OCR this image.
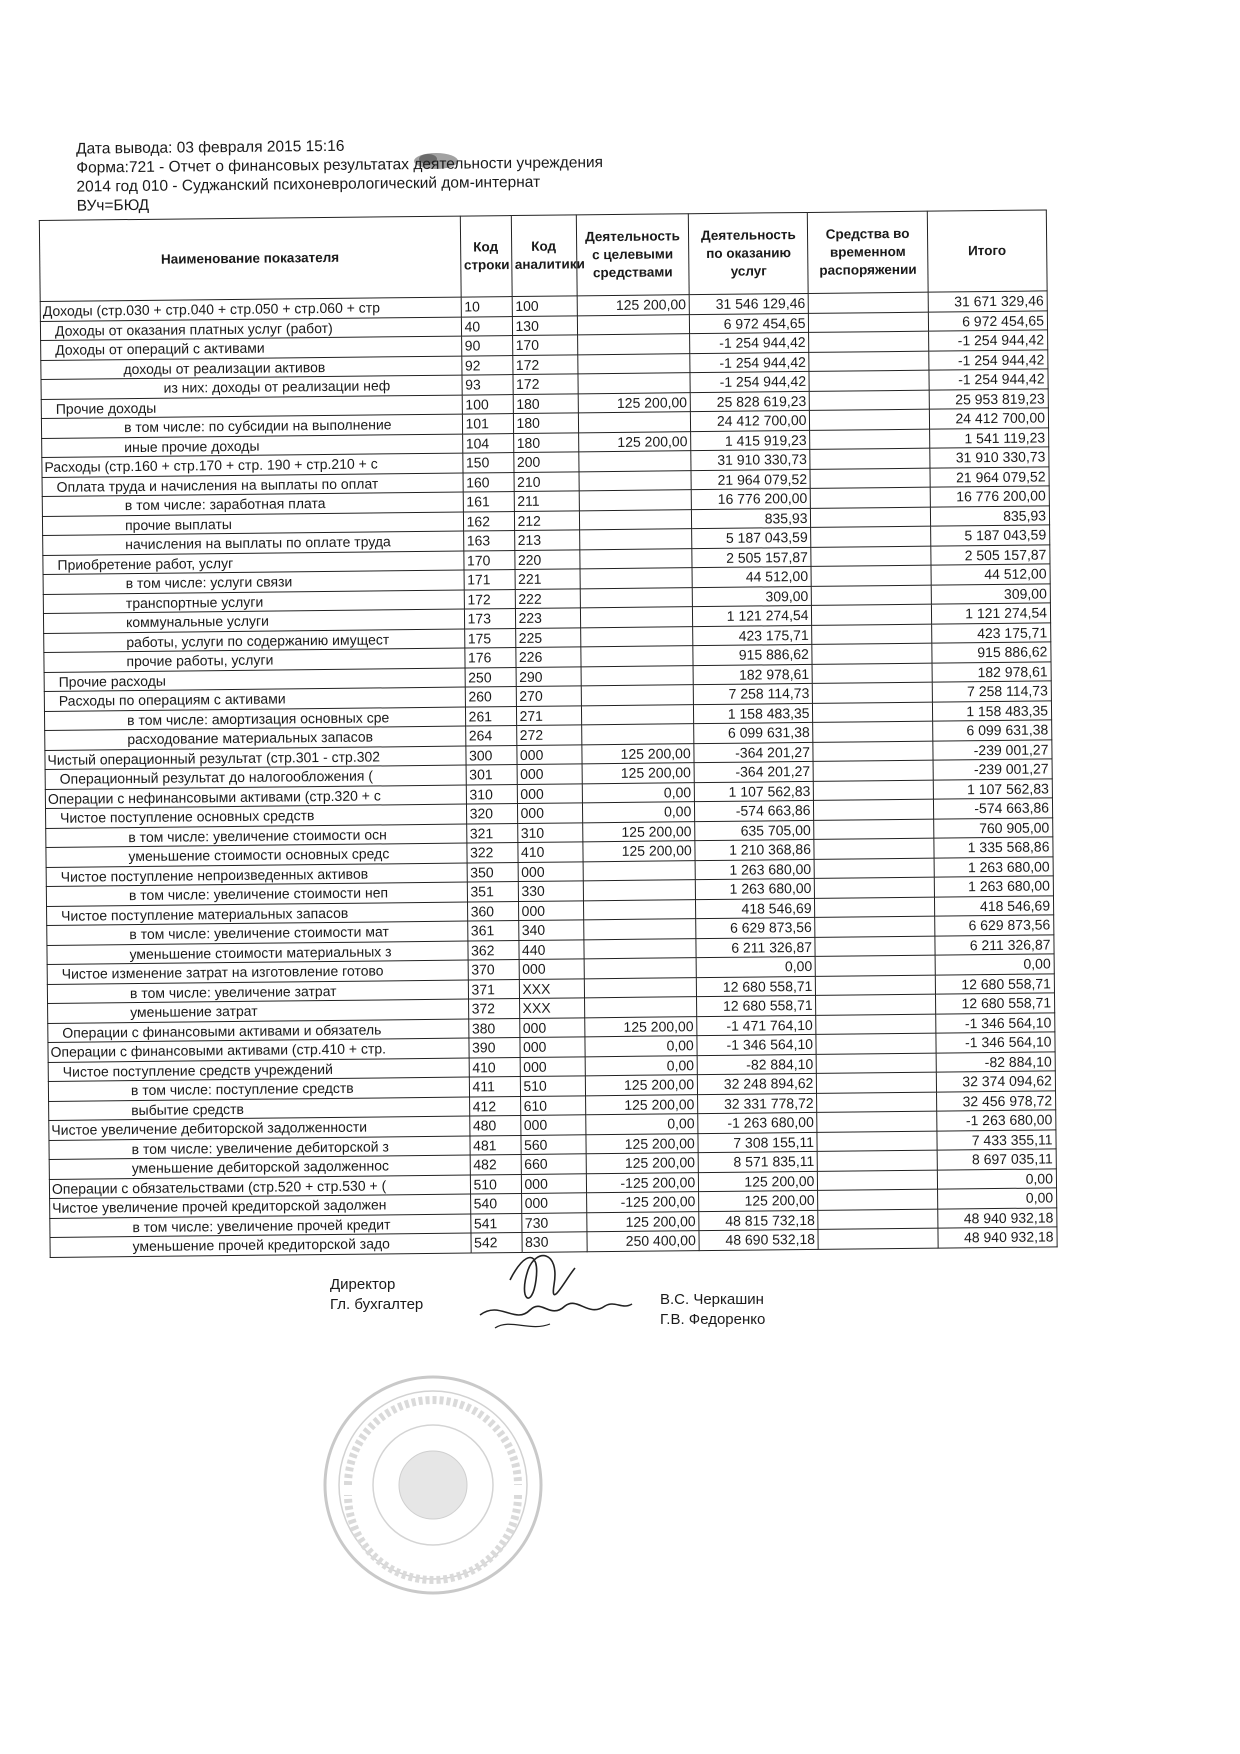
Дата вывода: 03 февраля 2015 15:16
Форма:721 - Отчет о финансовых результатах деятельности учреждения
2014 год 010 - Суджанский психоневрологический дом-интернат
ВУч=БЮД
Наименование показателя	Код строки	Код аналитики	Деятельность с целевыми средствами	Деятельность по оказанию услуг	Средства во временном распоряжении	Итого
Доходы (стр.030 + стр.040 + стр.050 + стр.060 + стр	10	100	125 200,00	31 546 129,46		31 671 329,46
Доходы от оказания платных услуг (работ)	40	130		6 972 454,65		6 972 454,65
Доходы от операций с активами	90	170		-1 254 944,42		-1 254 944,42
доходы от реализации активов	92	172		-1 254 944,42		-1 254 944,42
из них: доходы от реализации неф	93	172		-1 254 944,42		-1 254 944,42
Прочие доходы	100	180	125 200,00	25 828 619,23		25 953 819,23
в том числе: по субсидии на выполнение	101	180		24 412 700,00		24 412 700,00
иные прочие доходы	104	180	125 200,00	1 415 919,23		1 541 119,23
Расходы (стр.160 + стр.170 + стр. 190 + стр.210 + с	150	200		31 910 330,73		31 910 330,73
Оплата труда и начисления на выплаты по оплат	160	210		21 964 079,52		21 964 079,52
в том числе: заработная плата	161	211		16 776 200,00		16 776 200,00
прочие выплаты	162	212		835,93		835,93
начисления на выплаты по оплате труда	163	213		5 187 043,59		5 187 043,59
Приобретение работ, услуг	170	220		2 505 157,87		2 505 157,87
в том числе: услуги связи	171	221		44 512,00		44 512,00
транспортные услуги	172	222		309,00		309,00
коммунальные услуги	173	223		1 121 274,54		1 121 274,54
работы, услуги по содержанию имущест	175	225		423 175,71		423 175,71
прочие работы, услуги	176	226		915 886,62		915 886,62
Прочие расходы	250	290		182 978,61		182 978,61
Расходы по операциям с активами	260	270		7 258 114,73		7 258 114,73
в том числе: амортизация основных сре	261	271		1 158 483,35		1 158 483,35
расходование материальных запасов	264	272		6 099 631,38		6 099 631,38
Чистый операционный результат (стр.301 - стр.302	300	000	125 200,00	-364 201,27		-239 001,27
Операционный результат до налогообложения (	301	000	125 200,00	-364 201,27		-239 001,27
Операции с нефинансовыми активами (стр.320 + с	310	000	0,00	1 107 562,83		1 107 562,83
Чистое поступление основных средств	320	000	0,00	-574 663,86		-574 663,86
в том числе: увеличение стоимости осн	321	310	125 200,00	635 705,00		760 905,00
уменьшение стоимости основных средс	322	410	125 200,00	1 210 368,86		1 335 568,86
Чистое поступление непроизведенных активов	350	000		1 263 680,00		1 263 680,00
в том числе: увеличение стоимости неп	351	330		1 263 680,00		1 263 680,00
Чистое поступление материальных запасов	360	000		418 546,69		418 546,69
в том числе: увеличение стоимости мат	361	340		6 629 873,56		6 629 873,56
уменьшение стоимости материальных з	362	440		6 211 326,87		6 211 326,87
Чистое изменение затрат на изготовление готово	370	000		0,00		0,00
в том числе: увеличение затрат	371	XXX		12 680 558,71		12 680 558,71
уменьшение затрат	372	XXX		12 680 558,71		12 680 558,71
Операции с финансовыми активами и обязатель	380	000	125 200,00	-1 471 764,10		-1 346 564,10
Операции с финансовыми активами (стр.410 + стр.	390	000	0,00	-1 346 564,10		-1 346 564,10
Чистое поступление средств учреждений	410	000	0,00	-82 884,10		-82 884,10
в том числе: поступление средств	411	510	125 200,00	32 248 894,62		32 374 094,62
выбытие средств	412	610	125 200,00	32 331 778,72		32 456 978,72
Чистое увеличение дебиторской задолженности	480	000	0,00	-1 263 680,00		-1 263 680,00
в том числе: увеличение дебиторской з	481	560	125 200,00	7 308 155,11		7 433 355,11
уменьшение дебиторской задолженнос	482	660	125 200,00	8 571 835,11		8 697 035,11
Операции с обязательствами (стр.520 + стр.530 + (	510	000	-125 200,00	125 200,00		0,00
Чистое увеличение прочей кредиторской задолжен	540	000	-125 200,00	125 200,00		0,00
в том числе: увеличение прочей кредит	541	730	125 200,00	48 815 732,18		48 940 932,18
уменьшение прочей кредиторской задо	542	830	250 400,00	48 690 532,18		48 940 932,18
Директор
Гл. бухгалтер	В.С. Черкашин
Г.В. Федоренко
